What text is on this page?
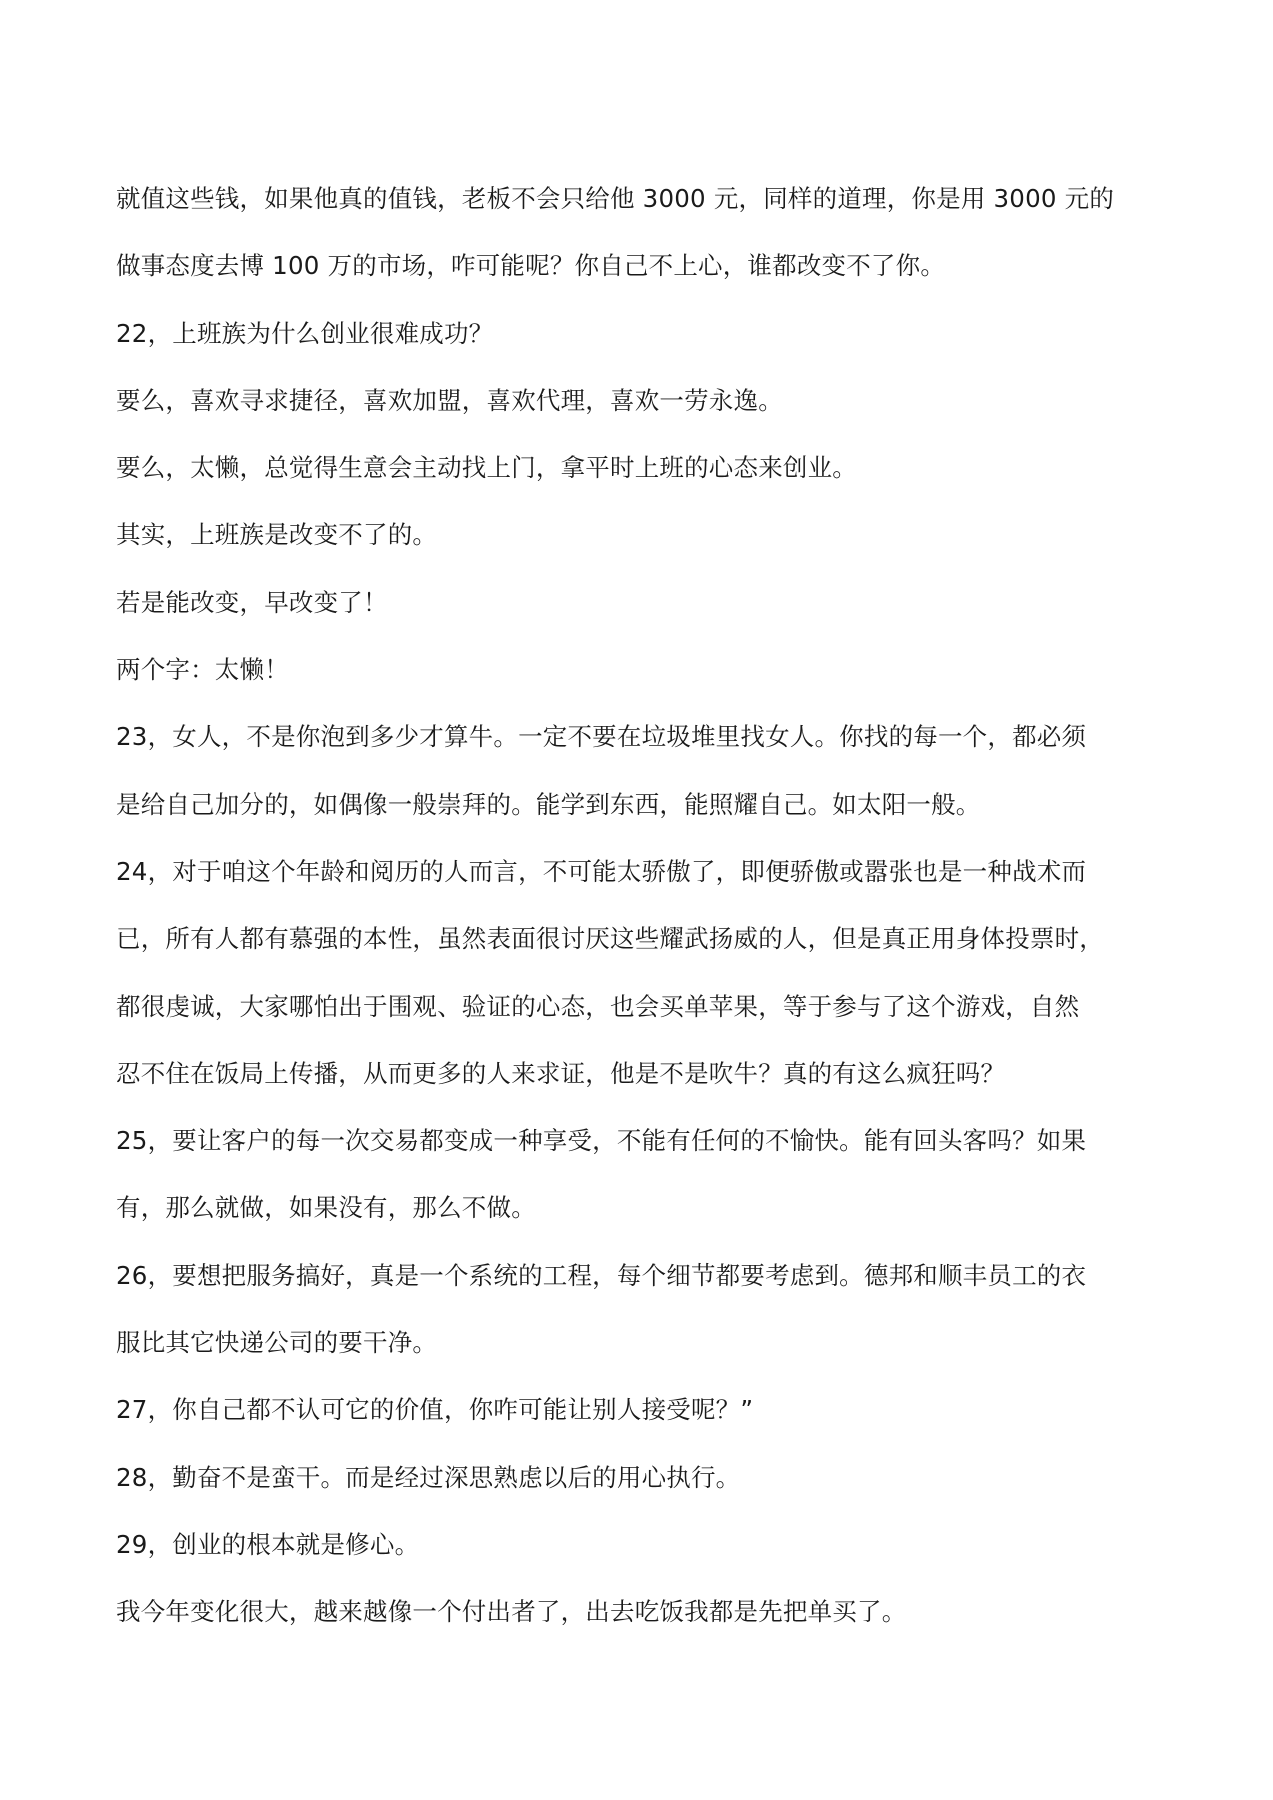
就值这些钱，如果他真的值钱，老板不会只给他 3000 元，同样的道理，你是用 3000 元的
做事态度去博 100 万的市场，咋可能呢？你自己不上心，谁都改变不了你。
22，上班族为什么创业很难成功？
要么，喜欢寻求捷径，喜欢加盟，喜欢代理，喜欢一劳永逸。
要么，太懒，总觉得生意会主动找上门，拿平时上班的心态来创业。
其实，上班族是改变不了的。
若是能改变，早改变了！
两个字：太懒！
23，女人，不是你泡到多少才算牛。一定不要在垃圾堆里找女人。你找的每一个，都必须
是给自己加分的，如偶像一般崇拜的。能学到东西，能照耀自己。如太阳一般。
24，对于咱这个年龄和阅历的人而言，不可能太骄傲了，即便骄傲或嚣张也是一种战术而
已，所有人都有慕强的本性，虽然表面很讨厌这些耀武扬威的人，但是真正用身体投票时，
都很虔诚，大家哪怕出于围观、验证的心态，也会买单苹果，等于参与了这个游戏，自然
忍不住在饭局上传播，从而更多的人来求证，他是不是吹牛？真的有这么疯狂吗？
25，要让客户的每一次交易都变成一种享受，不能有任何的不愉快。能有回头客吗？如果
有，那么就做，如果没有，那么不做。
26，要想把服务搞好，真是一个系统的工程，每个细节都要考虑到。德邦和顺丰员工的衣
服比其它快递公司的要干净。
27，你自己都不认可它的价值，你咋可能让别人接受呢？”
28，勤奋不是蛮干。而是经过深思熟虑以后的用心执行。
29，创业的根本就是修心。
我今年变化很大，越来越像一个付出者了，出去吃饭我都是先把单买了。
